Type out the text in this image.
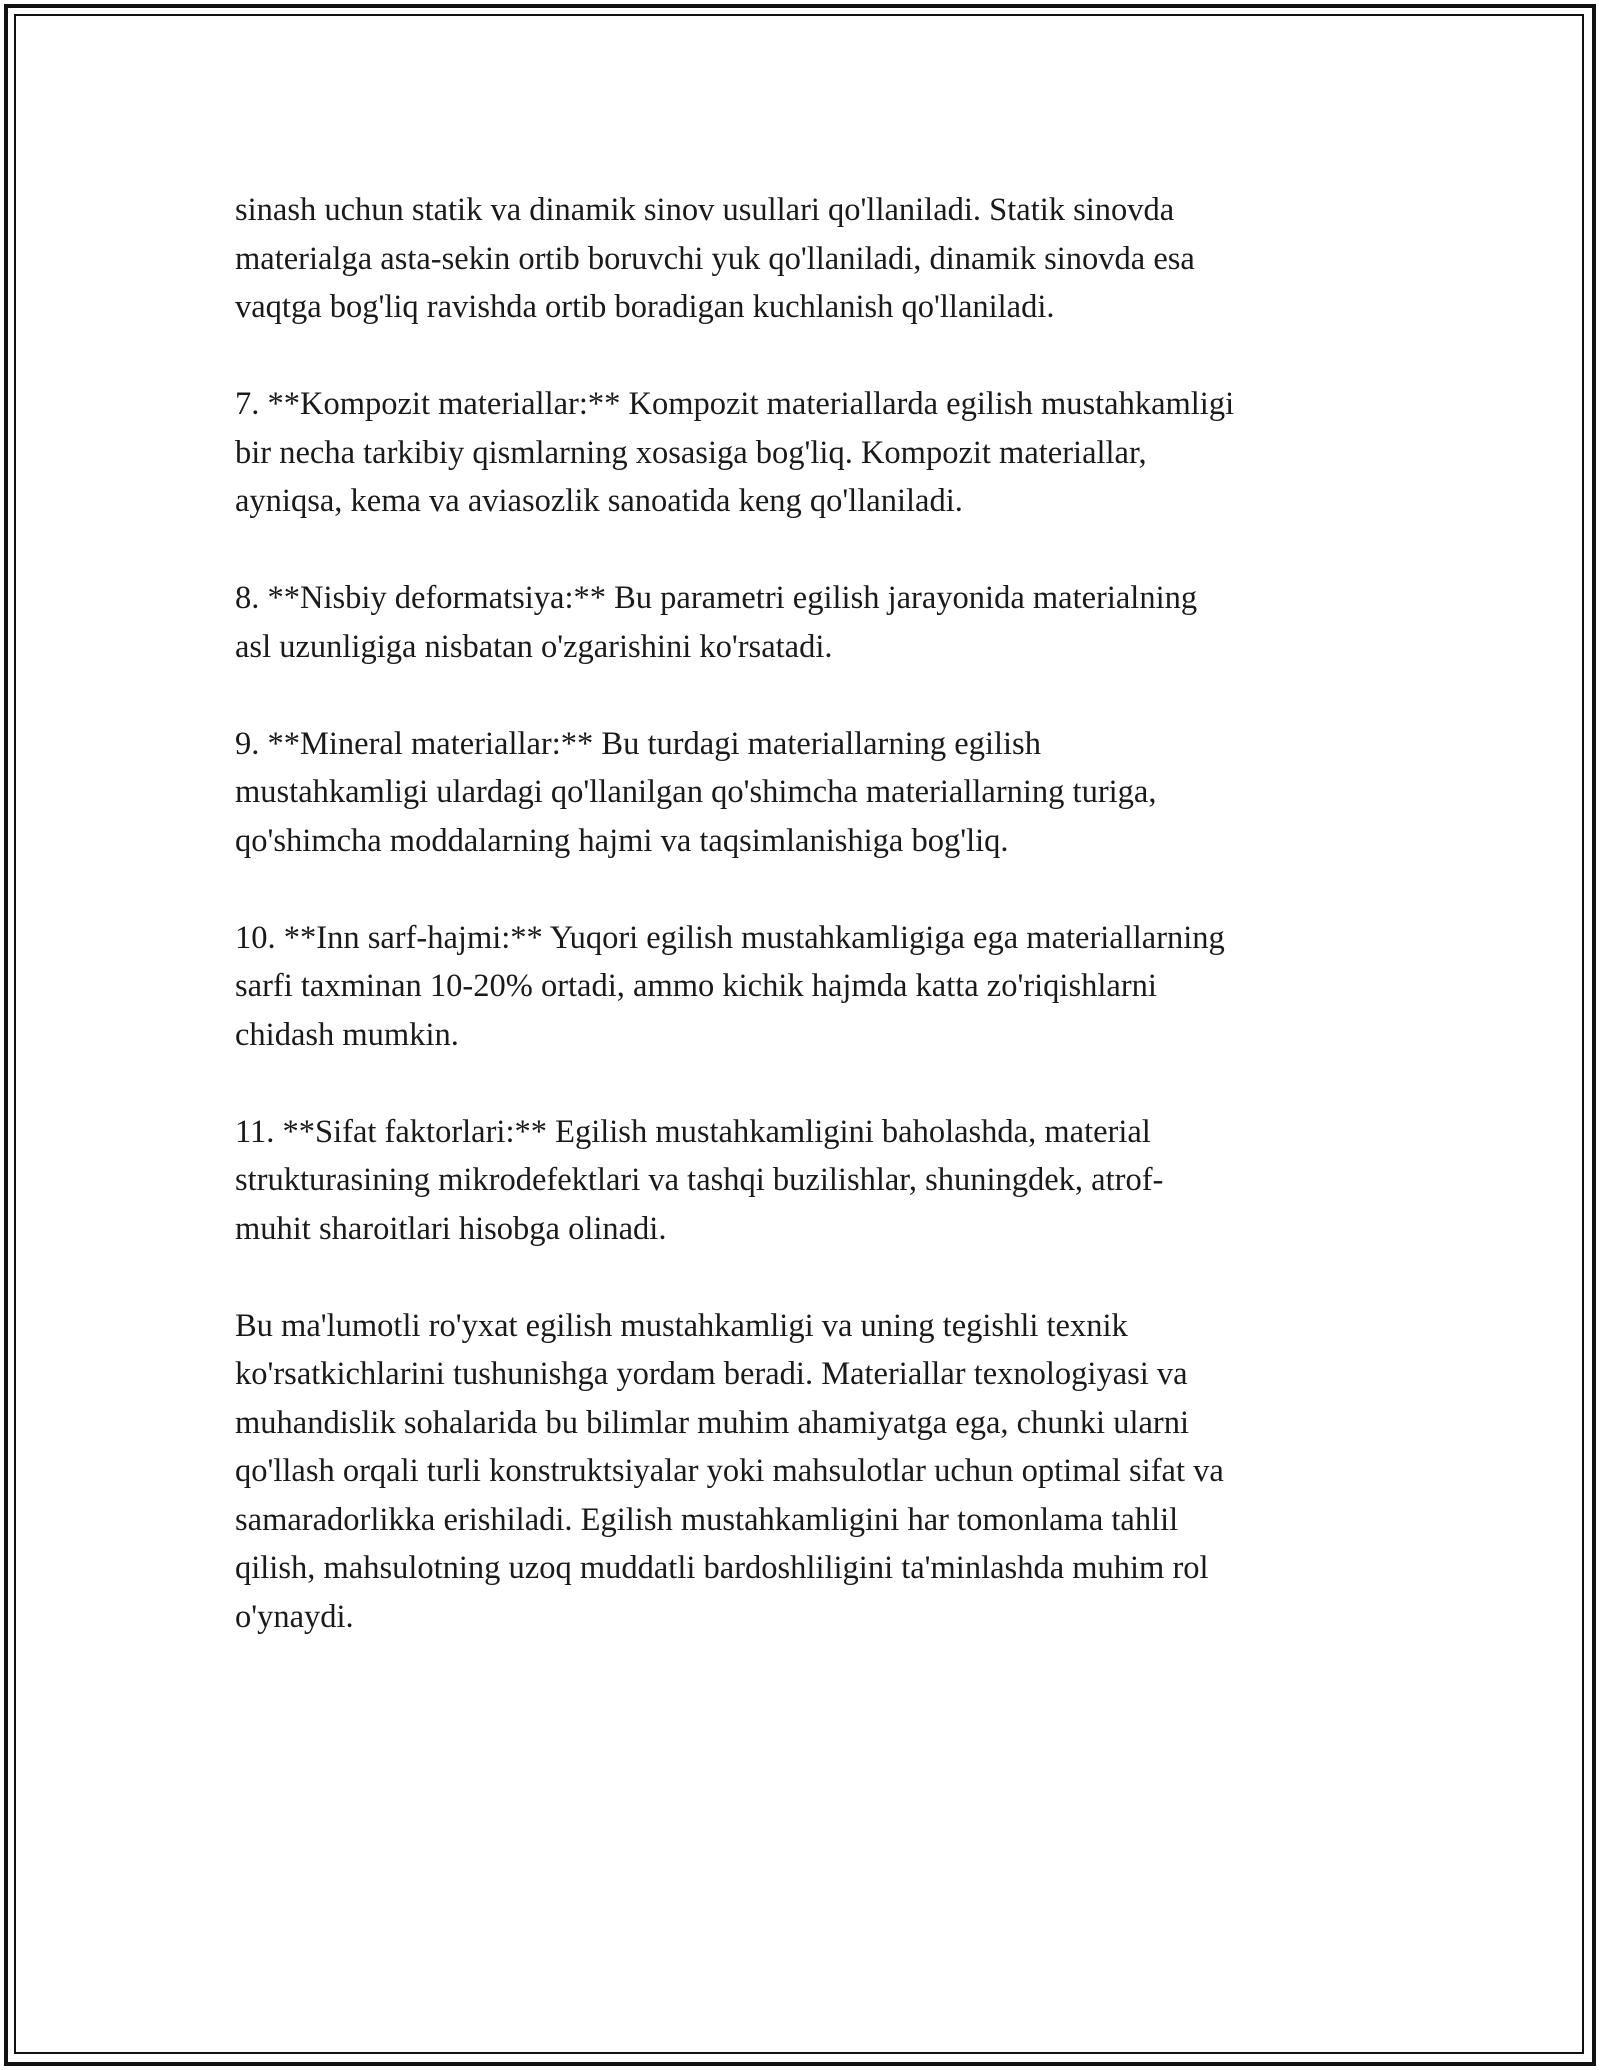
sinash uchun statik va dinamik sinov usullari qo'llaniladi. Statik sinovda
materialga asta-sekin ortib boruvchi yuk qo'llaniladi, dinamik sinovda esa
vaqtga bog'liq ravishda ortib boradigan kuchlanish qo'llaniladi.

7. **Kompozit materiallar:** Kompozit materiallarda egilish mustahkamligi
bir necha tarkibiy qismlarning xosasiga bog'liq. Kompozit materiallar,
ayniqsa, kema va aviasozlik sanoatida keng qo'llaniladi.

8. **Nisbiy deformatsiya:** Bu parametri egilish jarayonida materialning
asl uzunligiga nisbatan o'zgarishini ko'rsatadi.

9. **Mineral materiallar:** Bu turdagi materiallarning egilish
mustahkamligi ulardagi qo'llanilgan qo'shimcha materiallarning turiga,
qo'shimcha moddalarning hajmi va taqsimlanishiga bog'liq.

10. **Inn sarf-hajmi:** Yuqori egilish mustahkamligiga ega materiallarning
sarfi taxminan 10-20% ortadi, ammo kichik hajmda katta zo'riqishlarni
chidash mumkin.

11. **Sifat faktorlari:** Egilish mustahkamligini baholashda, material
strukturasining mikrodefektlari va tashqi buzilishlar, shuningdek, atrof-
muhit sharoitlari hisobga olinadi.

Bu ma'lumotli ro'yxat egilish mustahkamligi va uning tegishli texnik
ko'rsatkichlarini tushunishga yordam beradi. Materiallar texnologiyasi va
muhandislik sohalarida bu bilimlar muhim ahamiyatga ega, chunki ularni
qo'llash orqali turli konstruktsiyalar yoki mahsulotlar uchun optimal sifat va
samaradorlikka erishiladi. Egilish mustahkamligini har tomonlama tahlil
qilish, mahsulotning uzoq muddatli bardoshliligini ta'minlashda muhim rol
o'ynaydi.
